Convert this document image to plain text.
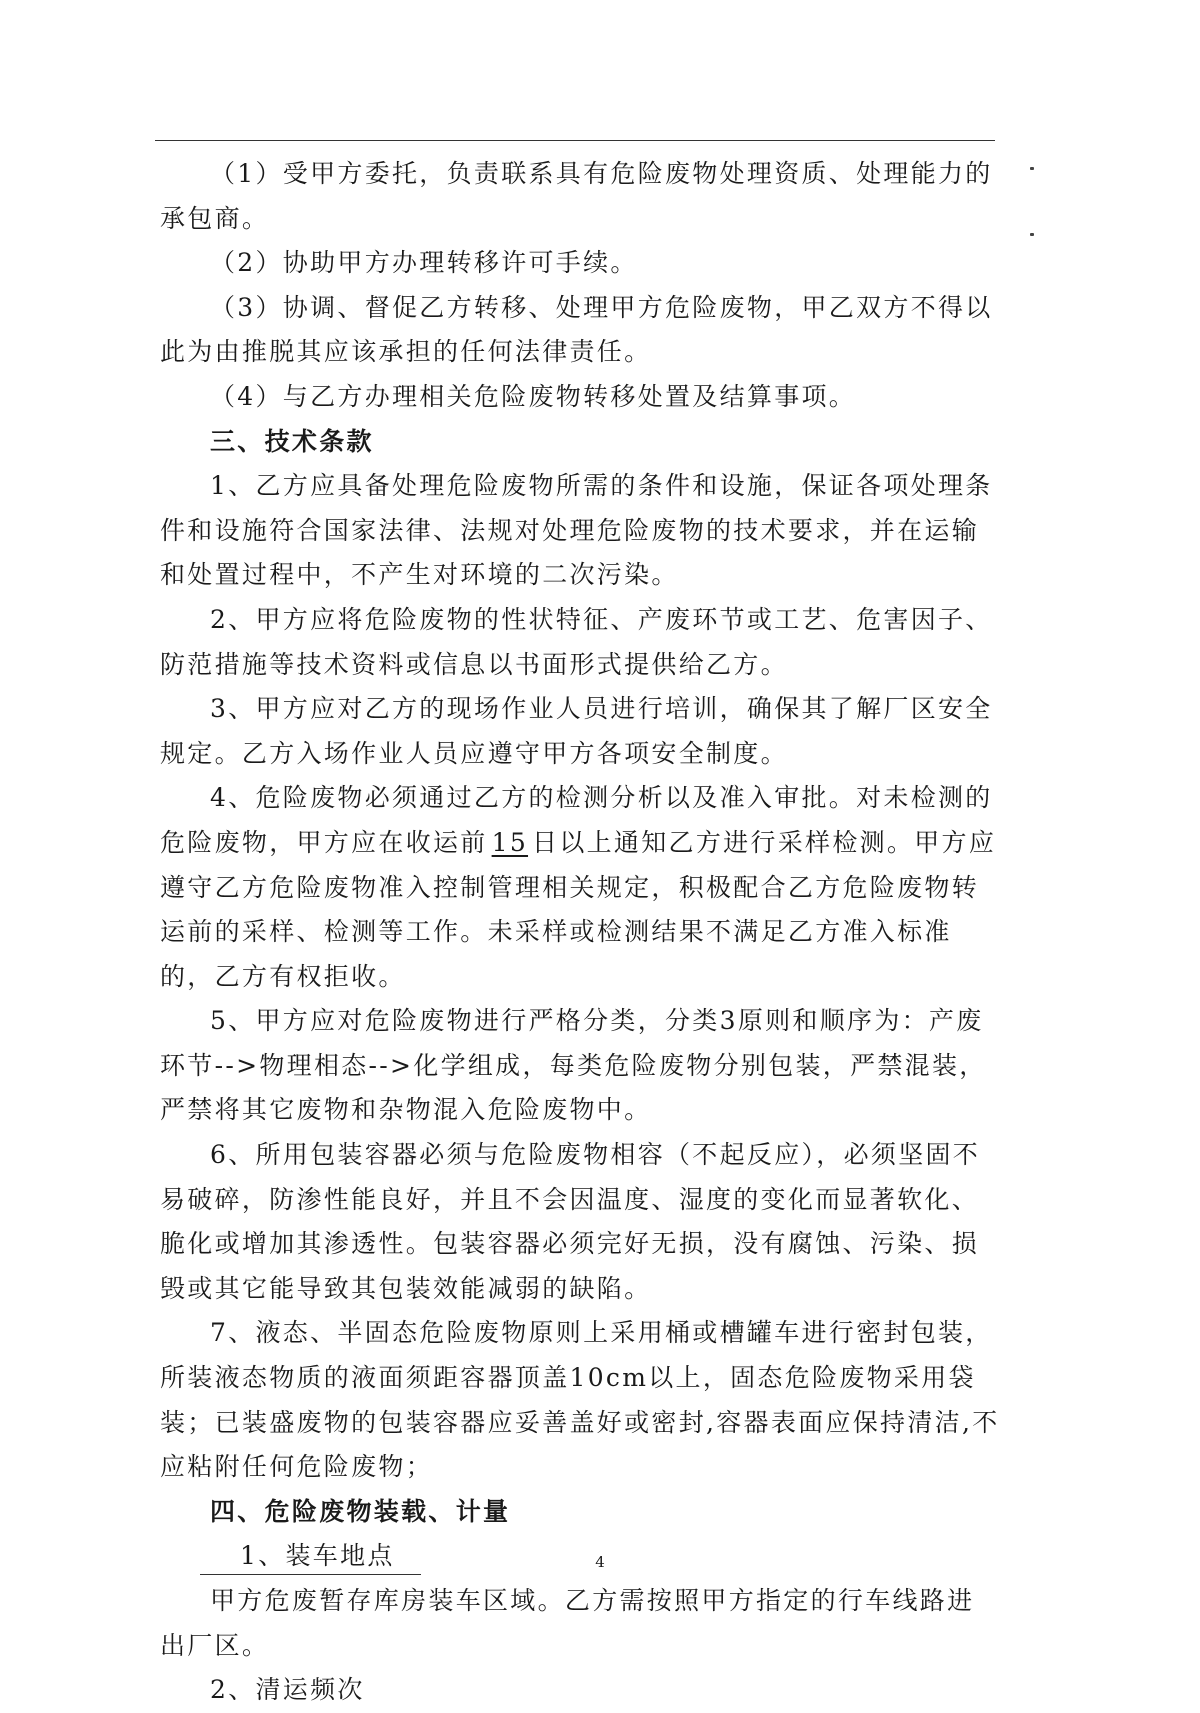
（1）受甲方委托，负责联系具有危险废物处理资质、处理能力的承包商。

（2）协助甲方办理转移许可手续。

（3）协调、督促乙方转移、处理甲方危险废物，甲乙双方不得以此为由推脱其应该承担的任何法律责任。

（4）与乙方办理相关危险废物转移处置及结算事项。

三、技术条款

1、乙方应具备处理危险废物所需的条件和设施，保证各项处理条件和设施符合国家法律、法规对处理危险废物的技术要求，并在运输和处置过程中，不产生对环境的二次污染。

2、甲方应将危险废物的性状特征、产废环节或工艺、危害因子、防范措施等技术资料或信息以书面形式提供给乙方。

3、甲方应对乙方的现场作业人员进行培训，确保其了解厂区安全规定。乙方入场作业人员应遵守甲方各项安全制度。

4、危险废物必须通过乙方的检测分析以及准入审批。对未检测的危险废物，甲方应在收运前 15 日以上通知乙方进行采样检测。甲方应遵守乙方危险废物准入控制管理相关规定，积极配合乙方危险废物转运前的采样、检测等工作。未采样或检测结果不满足乙方准入标准的，乙方有权拒收。

5、甲方应对危险废物进行严格分类，分类3原则和顺序为：产废环节-->物理相态-->化学组成，每类危险废物分别包装，严禁混装，严禁将其它废物和杂物混入危险废物中。

6、所用包装容器必须与危险废物相容（不起反应），必须坚固不易破碎，防渗性能良好，并且不会因温度、湿度的变化而显著软化、脆化或增加其渗透性。包装容器必须完好无损，没有腐蚀、污染、损毁或其它能导致其包装效能减弱的缺陷。

7、液态、半固态危险废物原则上采用桶或槽罐车进行密封包装，所装液态物质的液面须距容器顶盖10cm以上，固态危险废物采用袋装；已装盛废物的包装容器应妥善盖好或密封,容器表面应保持清洁,不应粘附任何危险废物；

四、危险废物装载、计量

1、装车地点

甲方危废暂存库房装车区域。乙方需按照甲方指定的行车线路进出厂区。

2、清运频次

4
